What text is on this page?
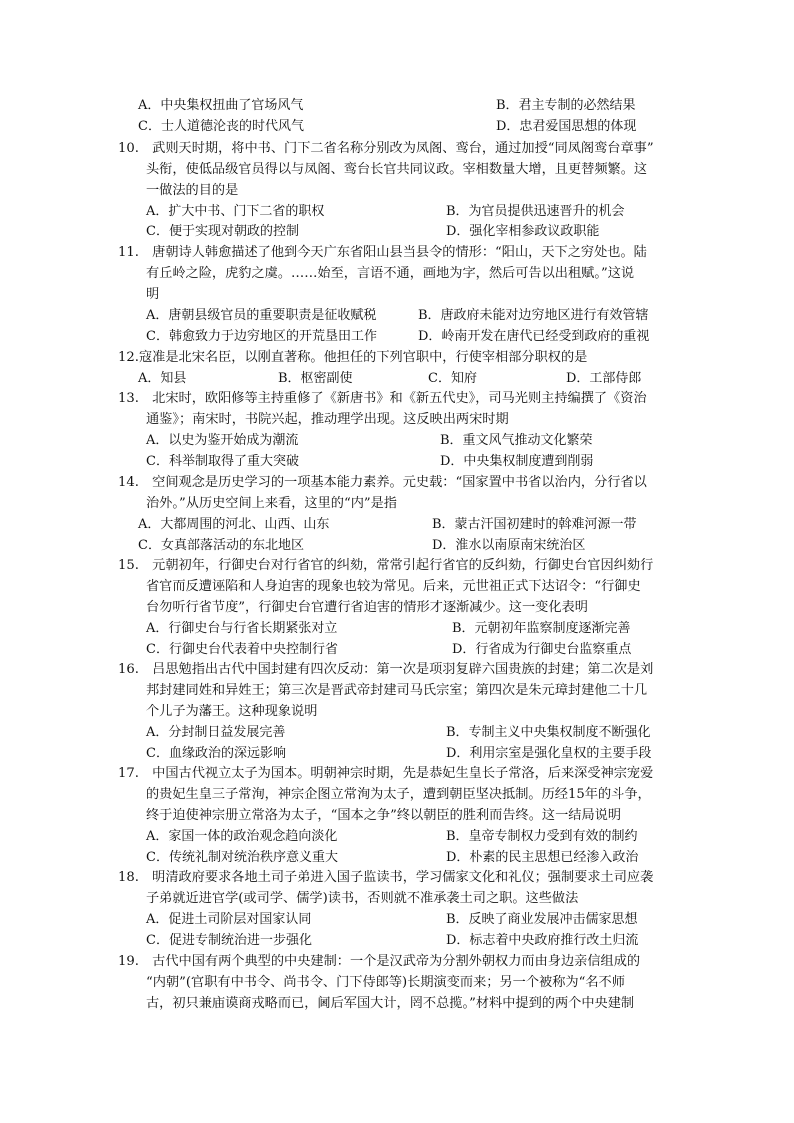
A．中央集权扭曲了官场风气	B．君主专制的必然结果
C．士人道德沦丧的时代风气	D．忠君爱国思想的体现
10.　武则天时期，将中书、门下二省名称分别改为凤阁、鸾台，通过加授“同凤阁鸾台章事”
头衔，使低品级官员得以与凤阁、鸾台长官共同议政。宰相数量大增，且更替频繁。这
一做法的目的是
A．扩大中书、门下二省的职权	B．为官员提供迅速晋升的机会
C．便于实现对朝政的控制	D．强化宰相参政议政职能
11.　唐朝诗人韩愈描述了他到今天广东省阳山县当县令的情形：“阳山，天下之穷处也。陆
有丘岭之险，虎豹之虞。……始至，言语不通，画地为字，然后可告以出租赋。”这说
明
A．唐朝县级官员的重要职责是征收赋税	B．唐政府未能对边穷地区进行有效管辖
C．韩愈致力于边穷地区的开荒垦田工作	D．岭南开发在唐代已经受到政府的重视
12.寇准是北宋名臣，以刚直著称。他担任的下列官职中，行使宰相部分职权的是
A．知县	B．枢密副使	C．知府	D．工部侍郎
13.　北宋时，欧阳修等主持重修了《新唐书》和《新五代史》，司马光则主持编撰了《资治
通鉴》；南宋时，书院兴起，推动理学出现。这反映出两宋时期
A．以史为鉴开始成为潮流	B．重文风气推动文化繁荣
C．科举制取得了重大突破	D．中央集权制度遭到削弱
14.　空间观念是历史学习的一项基本能力素养。元史载：“国家置中书省以治内，分行省以
治外。”从历史空间上来看，这里的“内”是指
A．大都周围的河北、山西、山东	B．蒙古汗国初建时的斡难河源一带
C．女真部落活动的东北地区	D．淮水以南原南宋统治区
15.　元朝初年，行御史台对行省官的纠劾，常常引起行省官的反纠劾，行御史台官因纠劾行
省官而反遭诬陷和人身迫害的现象也较为常见。后来，元世祖正式下达诏令：“行御史
台勿听行省节度”，行御史台官遭行省迫害的情形才逐渐减少。这一变化表明
A．行御史台与行省长期紧张对立	B．元朝初年监察制度逐渐完善
C．行御史台代表着中央控制行省	D．行省成为行御史台监察重点
16.　吕思勉指出古代中国封建有四次反动：第一次是项羽复辟六国贵族的封建；第二次是刘
邦封建同姓和异姓王；第三次是晋武帝封建司马氏宗室；第四次是朱元璋封建他二十几
个儿子为藩王。这种现象说明
A．分封制日益发展完善	B．专制主义中央集权制度不断强化
C．血缘政治的深远影响	D．利用宗室是强化皇权的主要手段
17.　中国古代视立太子为国本。明朝神宗时期，先是恭妃生皇长子常洛，后来深受神宗宠爱
的贵妃生皇三子常洵，神宗企图立常洵为太子，遭到朝臣坚决抵制。历经15年的斗争，
终于迫使神宗册立常洛为太子，“国本之争”终以朝臣的胜利而告终。这一结局说明
A．家国一体的政治观念趋向淡化	B．皇帝专制权力受到有效的制约
C．传统礼制对统治秩序意义重大	D．朴素的民主思想已经渗入政治
18.　明清政府要求各地土司子弟进入国子监读书，学习儒家文化和礼仪；强制要求土司应袭
子弟就近进官学(或司学、儒学)读书，否则就不准承袭土司之职。这些做法
A．促进土司阶层对国家认同	B．反映了商业发展冲击儒家思想
C．促进专制统治进一步强化	D．标志着中央政府推行改土归流
19.　古代中国有两个典型的中央建制：一个是汉武帝为分割外朝权力而由身边亲信组成的
“内朝”(官职有中书令、尚书令、门下侍郎等)长期演变而来；另一个被称为“名不师
古，初只兼庙谟商戎略而已，阃后军国大计，罔不总揽。”材料中提到的两个中央建制
